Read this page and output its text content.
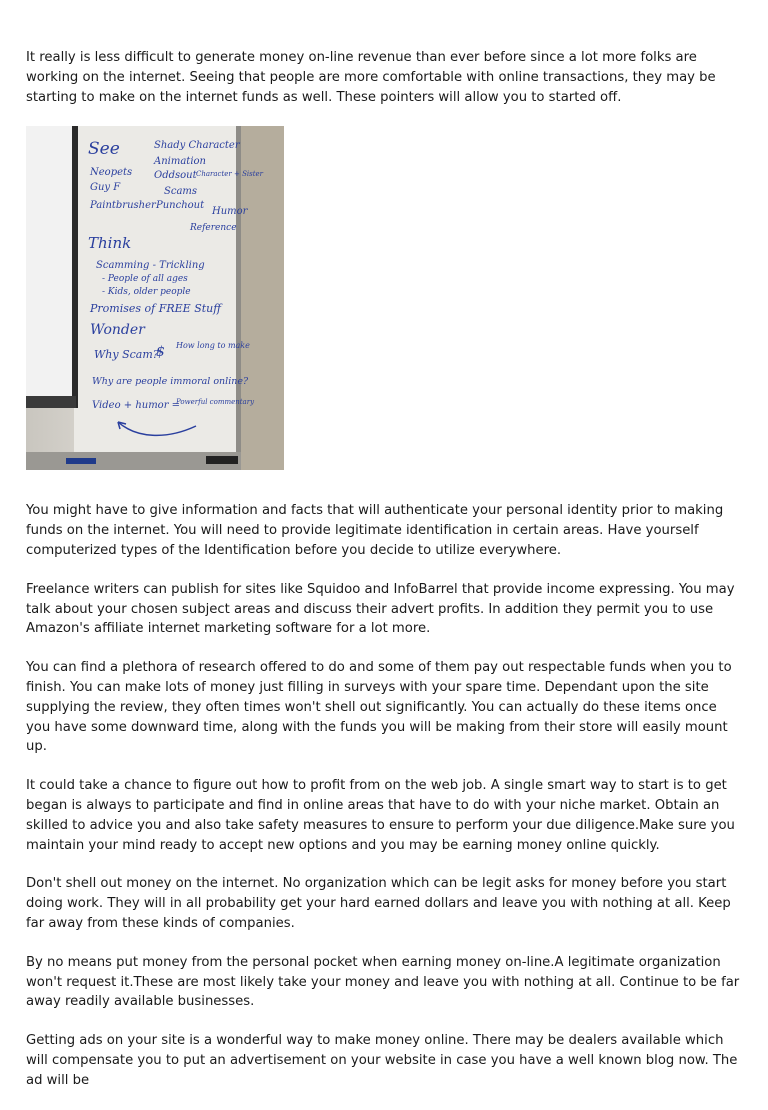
It really is less difficult to generate money on-line revenue than ever before since a lot more folks are working on the internet. Seeing that people are more comfortable with online transactions, they may be starting to make on the internet funds as well. These pointers will allow you to started off.

See	Shady Character
Animation
Neopets Oddsout Character + Sister
Guy F	Scams
Paintbrusher Punchout
Humor
Reference
Think
Scamming - Trickling
- People of all ages
- Kids, older people
Promises of FREE Stuff
Wonder
Why Scam?
$ How long to make
Why are people immoral online?
Video + humor =
Powerful commentary

You might have to give information and facts that will authenticate your personal identity prior to making funds on the internet. You will need to provide legitimate identification in certain areas. Have yourself computerized types of the Identification before you decide to utilize everywhere.

Freelance writers can publish for sites like Squidoo and InfoBarrel that provide income expressing. You may talk about your chosen subject areas and discuss their advert profits. In addition they permit you to use Amazon's affiliate internet marketing software for a lot more.

You can find a plethora of research offered to do and some of them pay out respectable funds when you to finish. You can make lots of money just filling in surveys with your spare time. Dependant upon the site supplying the review, they often times won't shell out significantly. You can actually do these items once you have some downward time, along with the funds you will be making from their store will easily mount up.

It could take a chance to figure out how to profit from on the web job. A single smart way to start is to get began is always to participate and find in online areas that have to do with your niche market. Obtain an skilled to advice you and also take safety measures to ensure to perform your due diligence.Make sure you maintain your mind ready to accept new options and you may be earning money online quickly.

Don't shell out money on the internet. No organization which can be legit asks for money before you start doing work. They will in all probability get your hard earned dollars and leave you with nothing at all. Keep far away from these kinds of companies.

By no means put money from the personal pocket when earning money on-line.A legitimate organization won't request it.These are most likely take your money and leave you with nothing at all. Continue to be far away readily available businesses.

Getting ads on your site is a wonderful way to make money online. There may be dealers available which will compensate you to put an advertisement on your website in case you have a well known blog now. The ad will be
